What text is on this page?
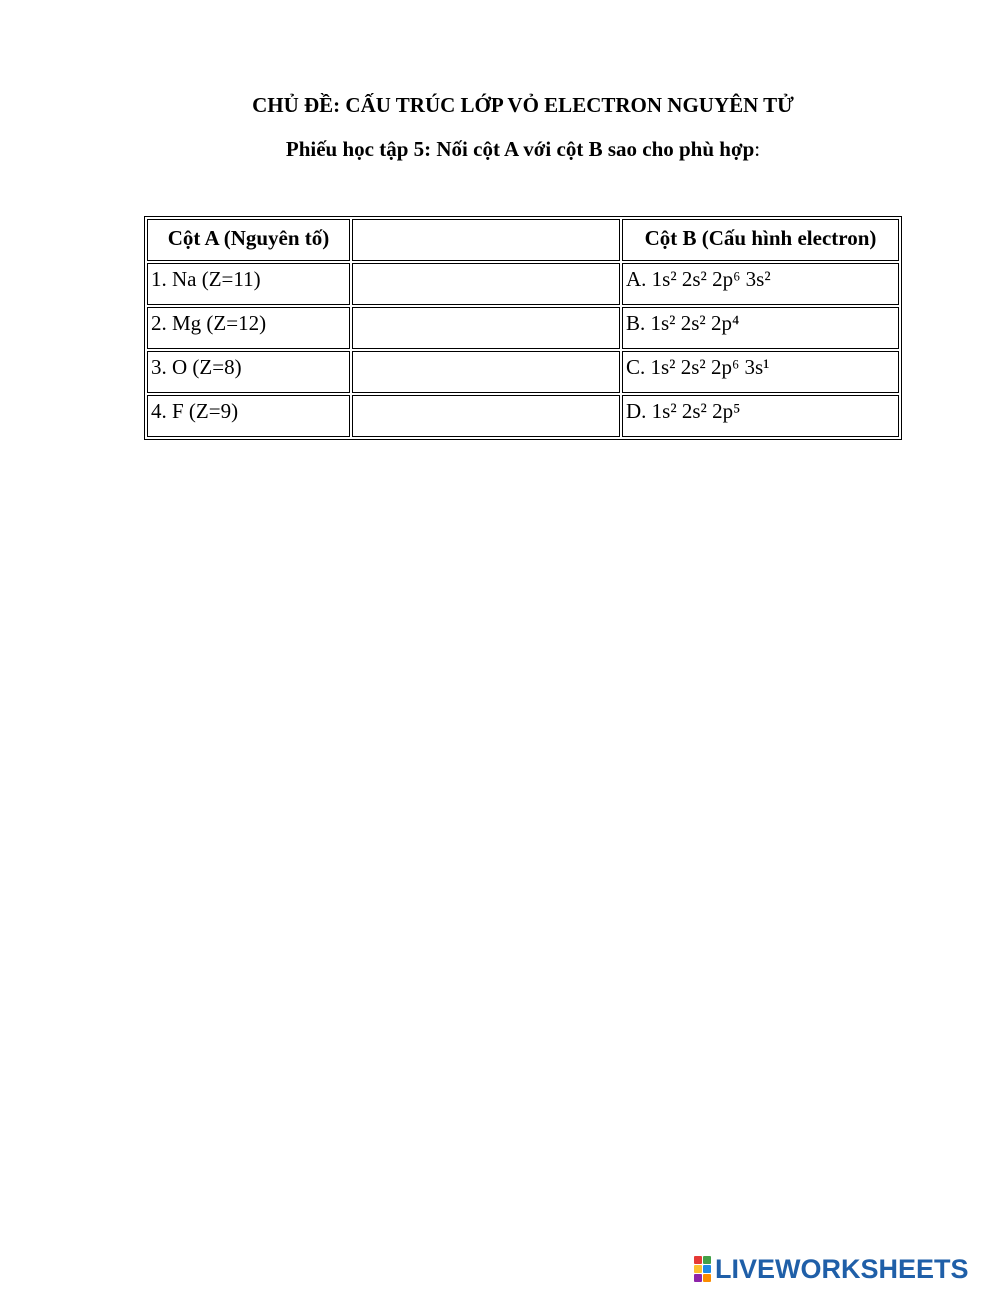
CHỦ ĐỀ: CẤU TRÚC LỚP VỎ ELECTRON NGUYÊN TỬ
Phiếu học tập 5: Nối cột A với cột B sao cho phù hợp:
Cột A (Nguyên tố)		Cột B (Cấu hình electron)
1. Na (Z=11)		A. 1s² 2s² 2p⁶ 3s²
2. Mg (Z=12)		B. 1s² 2s² 2p⁴
3. O (Z=8)		C. 1s² 2s² 2p⁶ 3s¹
4. F (Z=9)		D. 1s² 2s² 2p⁵
LIVEWORKSHEETS
